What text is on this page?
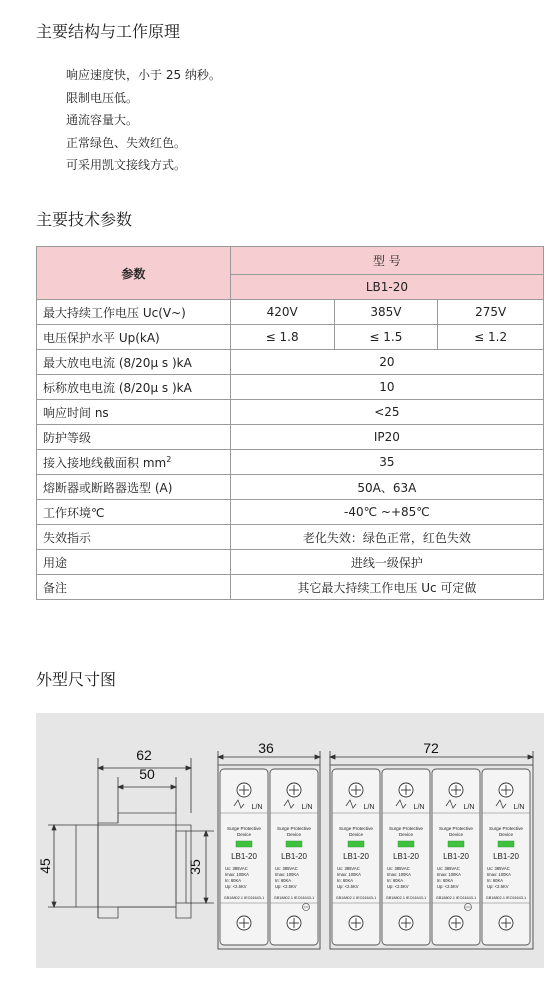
主要结构与工作原理
响应速度快，小于 25 纳秒。
限制电压低。
通流容量大。
正常绿色、失效红色。
可采用凯文接线方式。
主要技术参数
参数	型 号		
	LB1-20		
最大持续工作电压 Uc(V~)	420V	385V	275V
电压保护水平 Up(kA)	≤ 1.8	≤ 1.5	≤ 1.2
最大放电电流 (8/20μ s )kA	20		
标称放电电流 (8/20μ s )kA	10		
响应时间 ns	<25		
防护等级	IP20		
接入接地线截面积 $mm^2$	35		
熔断器或断路器选型 (A)	50A、63A		
工作环境℃	-40℃ ~+85℃		
失效指示	老化失效：绿色正常，红色失效		
用途	进线一级保护		
备注	其它最大持续工作电压 Uc 可定做		
外型尺寸图
62
50
45	35
36	72
L/N
Surge Protective
Device
LB1-20
Uc: 385VAC
Imax: 100KA
In: 60KA
Up: <2.5KV
GB18802.1 IEC61643-1
L/N
Surge Protective
Device
LB1-20
Uc: 385VAC
Imax: 100KA
In: 60KA
Up: <2.5KV
GB18802.1 IEC61643-1
L/N
Surge Protective
Device
LB1-20
Uc: 385VAC
Imax: 100KA
In: 60KA
Up: <2.5KV
GB18802.1 IEC61643-1
L/N
Surge Protective
Device
LB1-20
Uc: 385VAC
Imax: 100KA
In: 60KA
Up: <2.5KV
GB18802.1 IEC61643-1
L/N
Surge Protective
Device
LB1-20
Uc: 385VAC
Imax: 100KA
In: 60KA
Up: <2.5KV
GB18802.1 IEC61643-1
L/N
Surge Protective
Device
LB1-20
Uc: 385VAC
Imax: 100KA
In: 60KA
Up: <2.5KV
GB18802.1 IEC61643-1
